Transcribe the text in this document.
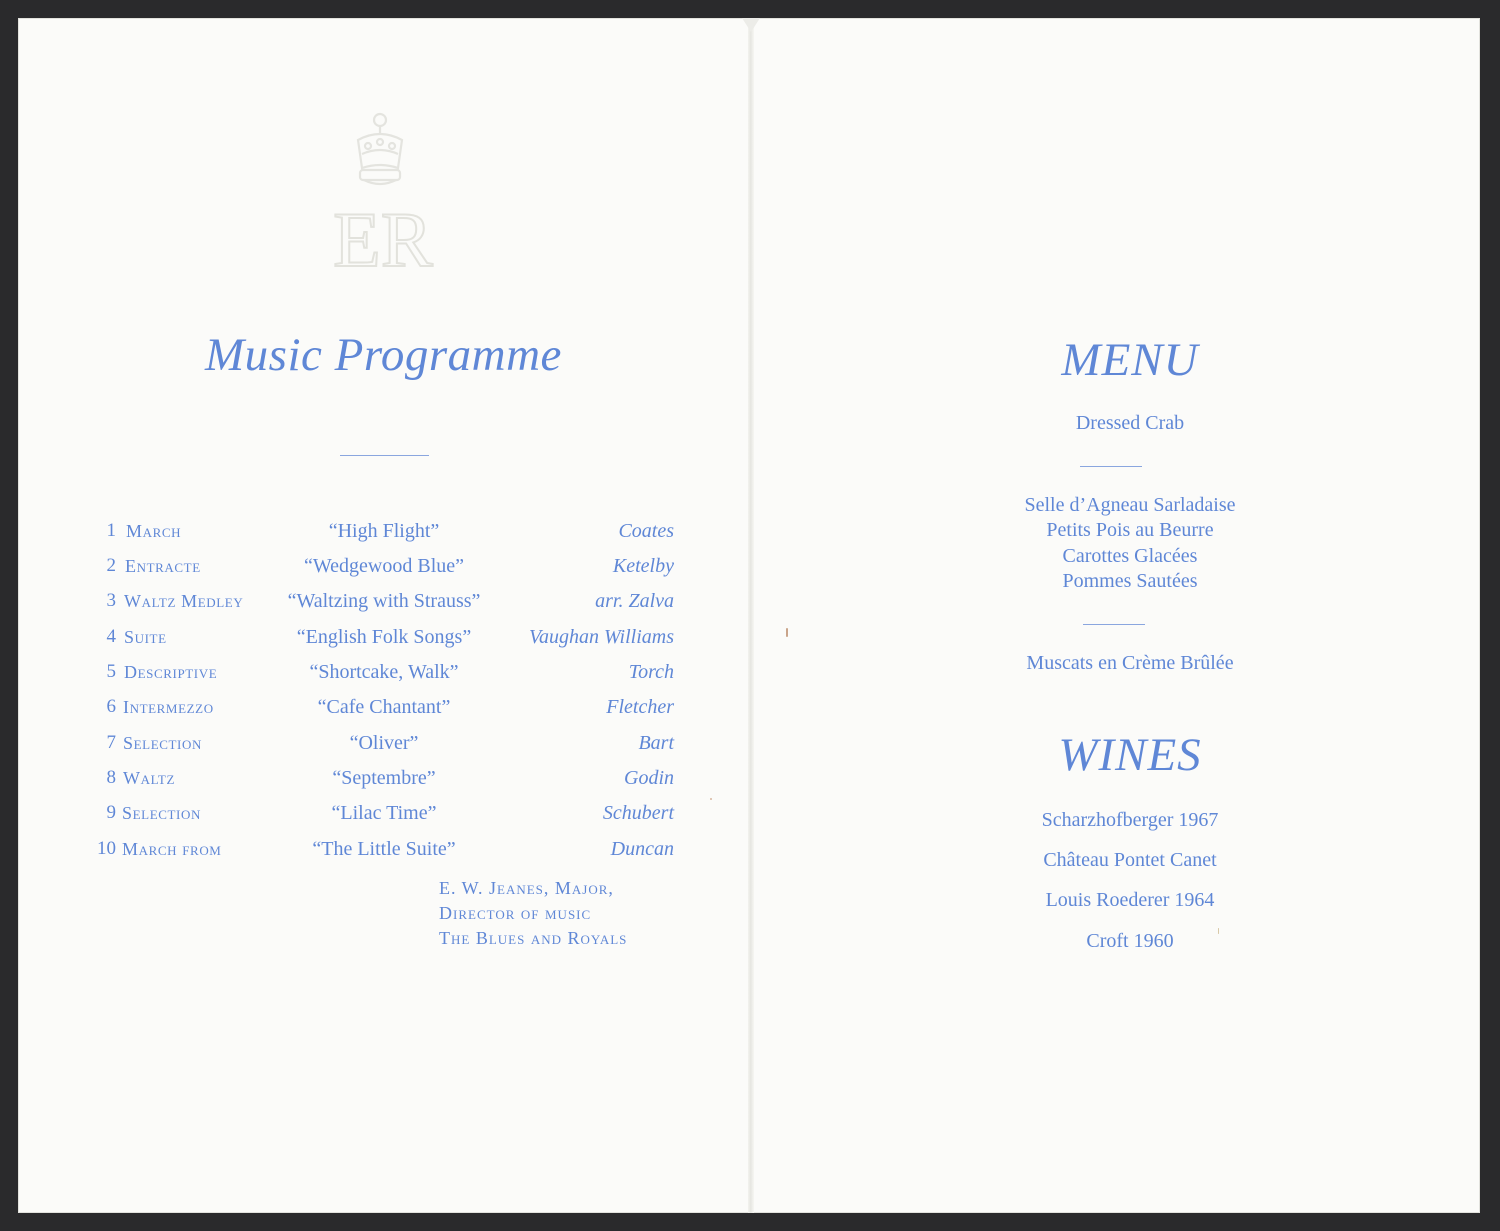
ER
Music Programme
1 March	“High Flight”	Coates
2 Entracte	“Wedgewood Blue”	Ketelby
3 Waltz Medley	“Waltzing with Strauss”	arr. Zalva
4 Suite	“English Folk Songs”	Vaughan Williams
5 Descriptive	“Shortcake, Walk”	Torch
6 Intermezzo	“Cafe Chantant”	Fletcher
7 Selection	“Oliver”	Bart
8 Waltz	“Septembre”	Godin
9 Selection	“Lilac Time”	Schubert
10 March from	“The Little Suite”	Duncan
E. W. Jeanes, Major,
Director of music
The Blues and Royals
MENU
Dressed Crab
Selle d’Agneau Sarladaise
Petits Pois au Beurre
Carottes Glacées
Pommes Sautées
Muscats en Crème Brûlée
WINES
Scharzhofberger 1967
Château Pontet Canet
Louis Roederer 1964
Croft 1960
